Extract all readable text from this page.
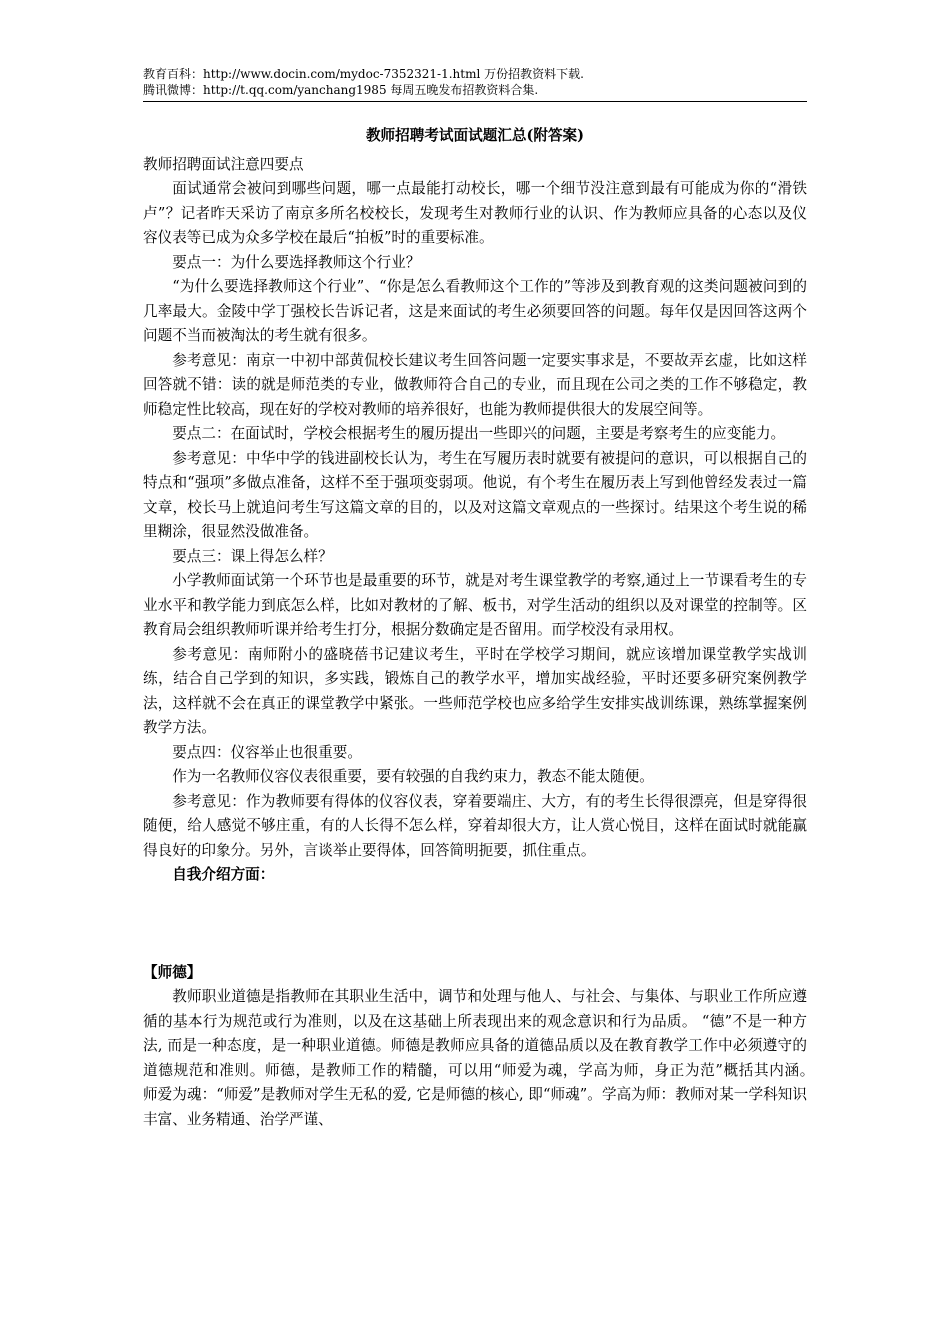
教育百科：http://www.docin.com/mydoc-7352321-1.html 万份招教资料下载.
腾讯微博：http://t.qq.com/yanchang1985 每周五晚发布招教资料合集.
教师招聘考试面试题汇总(附答案)

教师招聘面试注意四要点

面试通常会被问到哪些问题，哪一点最能打动校长，哪一个细节没注意到最有可能成为你的“滑铁卢”？记者昨天采访了南京多所名校校长，发现考生对教师行业的认识、作为教师应具备的心态以及仪容仪表等已成为众多学校在最后“拍板”时的重要标准。

要点一：为什么要选择教师这个行业？

“为什么要选择教师这个行业”、“你是怎么看教师这个工作的”等涉及到教育观的这类问题被问到的几率最大。金陵中学丁强校长告诉记者，这是来面试的考生必须要回答的问题。每年仅是因回答这两个问题不当而被淘汰的考生就有很多。

参考意见：南京一中初中部黄侃校长建议考生回答问题一定要实事求是，不要故弄玄虚，比如这样回答就不错：读的就是师范类的专业，做教师符合自己的专业，而且现在公司之类的工作不够稳定，教师稳定性比较高，现在好的学校对教师的培养很好，也能为教师提供很大的发展空间等。

要点二：在面试时，学校会根据考生的履历提出一些即兴的问题，主要是考察考生的应变能力。

参考意见：中华中学的钱进副校长认为，考生在写履历表时就要有被提问的意识，可以根据自己的特点和“强项”多做点准备，这样不至于强项变弱项。他说，有个考生在履历表上写到他曾经发表过一篇文章，校长马上就追问考生写这篇文章的目的，以及对这篇文章观点的一些探讨。结果这个考生说的稀里糊涂，很显然没做准备。

要点三：课上得怎么样？

小学教师面试第一个环节也是最重要的环节，就是对考生课堂教学的考察,通过上一节课看考生的专业水平和教学能力到底怎么样，比如对教材的了解、板书，对学生活动的组织以及对课堂的控制等。区教育局会组织教师听课并给考生打分，根据分数确定是否留用。而学校没有录用权。

参考意见：南师附小的盛晓蓓书记建议考生，平时在学校学习期间，就应该增加课堂教学实战训练，结合自己学到的知识，多实践，锻炼自己的教学水平，增加实战经验，平时还要多研究案例教学法，这样就不会在真正的课堂教学中紧张。一些师范学校也应多给学生安排实战训练课，熟练掌握案例教学方法。

要点四：仪容举止也很重要。

作为一名教师仪容仪表很重要，要有较强的自我约束力，教态不能太随便。

参考意见：作为教师要有得体的仪容仪表，穿着要端庄、大方，有的考生长得很漂亮，但是穿得很随便，给人感觉不够庄重，有的人长得不怎么样，穿着却很大方，让人赏心悦目，这样在面试时就能赢得良好的印象分。另外，言谈举止要得体，回答简明扼要，抓住重点。

自我介绍方面：

【师德】

教师职业道德是指教师在其职业生活中，调节和处理与他人、与社会、与集体、与职业工作所应遵循的基本行为规范或行为准则，以及在这基础上所表现出来的观念意识和行为品质。 “德”不是一种方法, 而是一种态度，是一种职业道德。师德是教师应具备的道德品质以及在教育教学工作中必须遵守的道德规范和准则。师德，是教师工作的精髓，可以用“师爱为魂，学高为师，身正为范”概括其内涵。　　师爱为魂：“师爱”是教师对学生无私的爱, 它是师德的核心, 即“师魂”。学高为师：教师对某一学科知识丰富、业务精通、治学严谨、
